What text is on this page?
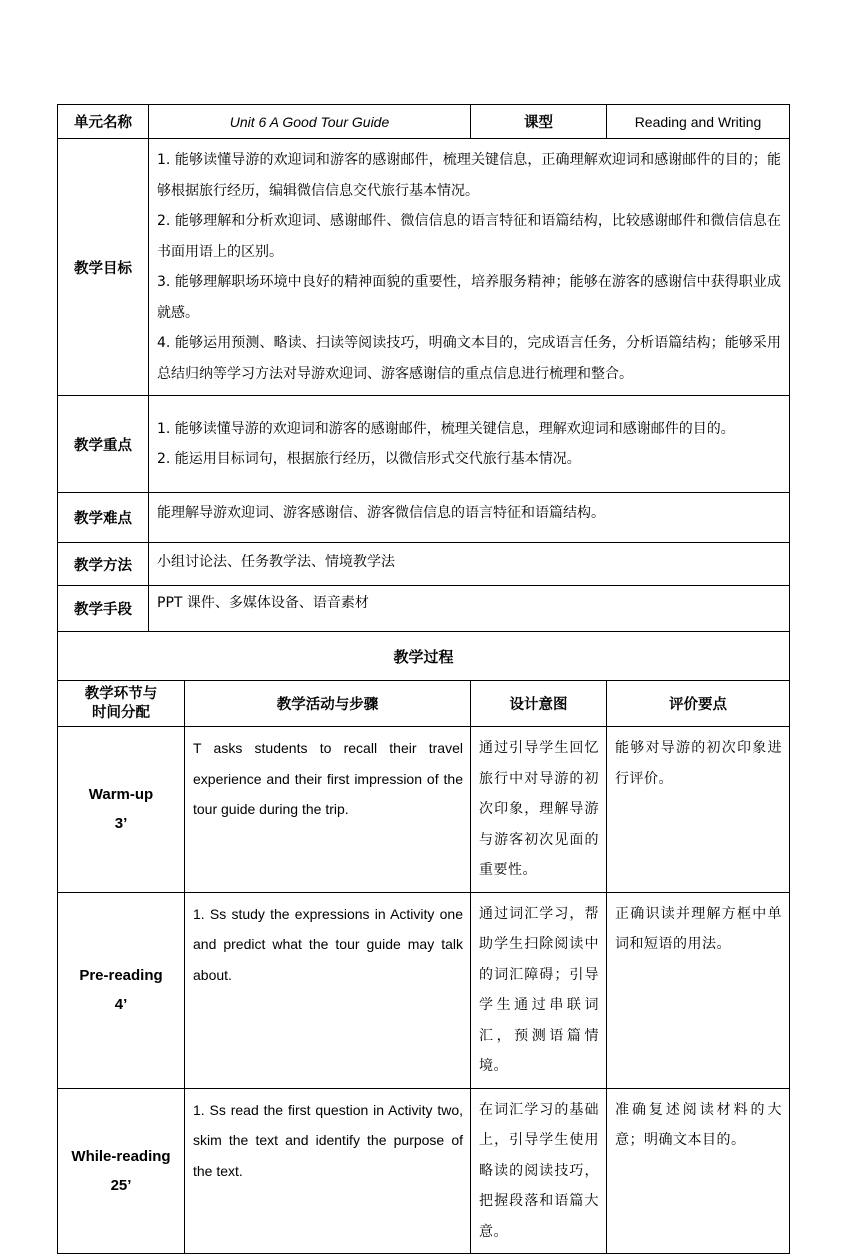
单元名称	Unit 6 A Good Tour Guide		课型	Reading and Writing
教学目标	1. 能够读懂导游的欢迎词和游客的感谢邮件，梳理关键信息，正确理解欢迎词和感谢邮件的目的；能够根据旅行经历，编辑微信信息交代旅行基本情况。

2. 能够理解和分析欢迎词、感谢邮件、微信信息的语言特征和语篇结构，比较感谢邮件和微信信息在书面用语上的区别。

3. 能够理解职场环境中良好的精神面貌的重要性，培养服务精神；能够在游客的感谢信中获得职业成就感。

4. 能够运用预测、略读、扫读等阅读技巧，明确文本目的，完成语言任务，分析语篇结构；能够采用总结归纳等学习方法对导游欢迎词、游客感谢信的重点信息进行梳理和整合。			

教学重点	1. 能够读懂导游的欢迎词和游客的感谢邮件，梳理关键信息，理解欢迎词和感谢邮件的目的。

2. 能运用目标词句，根据旅行经历，以微信形式交代旅行基本情况。			

教学难点	能理解导游欢迎词、游客感谢信、游客微信信息的语言特征和语篇结构。			
教学方法	小组讨论法、任务教学法、情境教学法			
教学手段	PPT 课件、多媒体设备、语音素材			
教学过程				

教学环节与
时间分配		教学活动与步骤	设计意图	评价要点

Warm-up
3’		T asks students to recall their travel experience and their first impression of the tour guide during the trip.	通过引导学生回忆旅行中对导游的初次印象，理解导游与游客初次见面的重要性。	能够对导游的初次印象进行评价。

Pre-reading
4’		1. Ss study the expressions in Activity one and predict what the tour guide may talk about.	通过词汇学习，帮助学生扫除阅读中的词汇障碍；引导学生通过串联词汇，预测语篇情境。	正确识读并理解方框中单词和短语的用法。

While-reading
25’		1. Ss read the first question in Activity two, skim the text and identify the purpose of the text.	在词汇学习的基础上，引导学生使用略读的阅读技巧，把握段落和语篇大意。	准确复述阅读材料的大意；明确文本目的。
